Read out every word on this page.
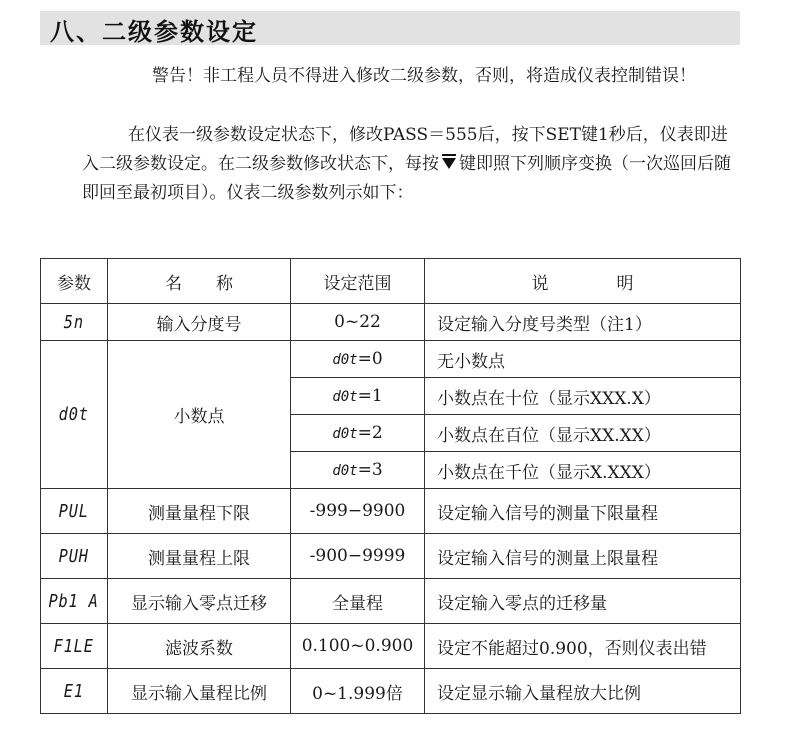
八、二级参数设定

警告！非工程人员不得进入修改二级参数，否则，将造成仪表控制错误！

在仪表一级参数设定状态下，修改PASS＝555后，按下SET键1秒后，仪表即进入二级参数设定。在二级参数修改状态下，每按 键即照下列顺序变换（一次巡回后随即回至最初项目）。仪表二级参数列示如下：

参数	名　　称	设定范围	说　　　　明
5n	输入分度号	0~22	设定输入分度号类型（注1）
d0t	小数点	d0t=0	无小数点
		d0t=1	小数点在十位（显示XXX.X）
		d0t=2	小数点在百位（显示XX.XX）
		d0t=3	小数点在千位（显示X.XXX）
PUL	测量量程下限	-999−9900	设定输入信号的测量下限量程
PUH	测量量程上限	-900−9999	设定输入信号的测量上限量程
Pb1 A	显示输入零点迁移	全量程	设定输入零点的迁移量
F1LE	滤波系数	0.100~0.900	设定不能超过0.900，否则仪表出错
E1	显示输入量程比例	0~1.999倍	设定显示输入量程放大比例
